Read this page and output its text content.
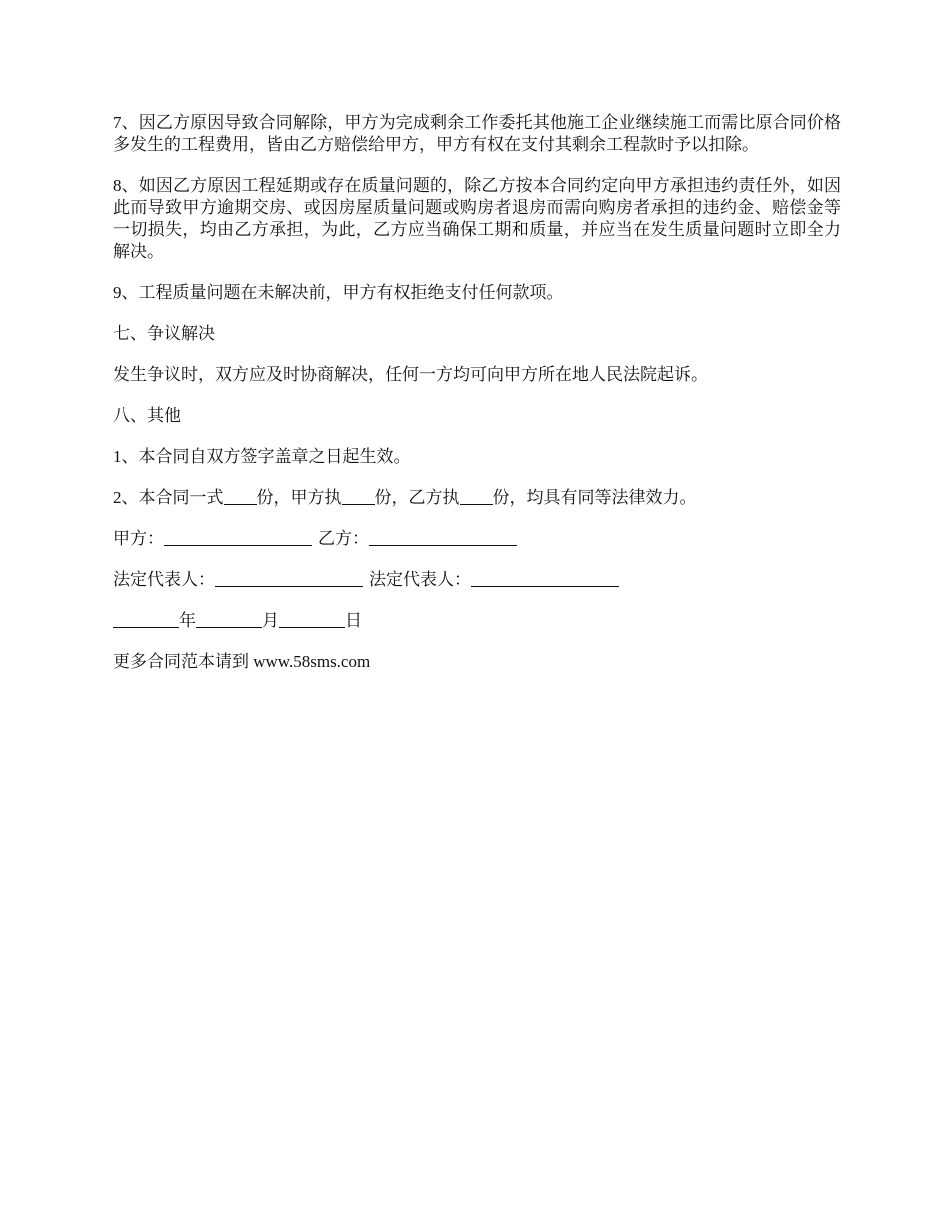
7、因乙方原因导致合同解除，甲方为完成剩余工作委托其他施工企业继续施工而需比原合同价格多发生的工程费用，皆由乙方赔偿给甲方，甲方有权在支付其剩余工程款时予以扣除。

8、如因乙方原因工程延期或存在质量问题的，除乙方按本合同约定向甲方承担违约责任外，如因此而导致甲方逾期交房、或因房屋质量问题或购房者退房而需向购房者承担的违约金、赔偿金等一切损失，均由乙方承担，为此，乙方应当确保工期和质量，并应当在发生质量问题时立即全力解决。

9、工程质量问题在未解决前，甲方有权拒绝支付任何款项。

七、争议解决

发生争议时，双方应及时协商解决，任何一方均可向甲方所在地人民法院起诉。

八、其他

1、本合同自双方签字盖章之日起生效。

2、本合同一式 份，甲方执 份，乙方执 份，均具有同等法律效力。

甲方：	乙方：

法定代表人：	法定代表人：

年	月	日

更多合同范本请到 www.58sms.com
